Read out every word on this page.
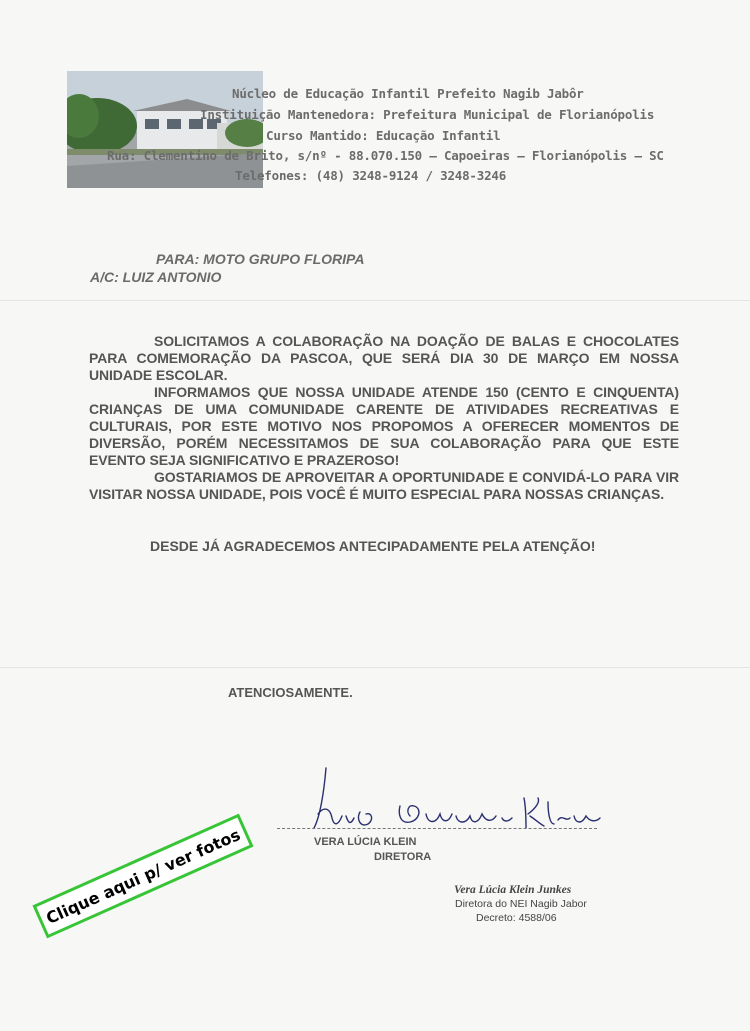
Núcleo de Educação Infantil Prefeito Nagib Jabôr
Instituição Mantenedora: Prefeitura Municipal de Florianópolis
Curso Mantido: Educação Infantil
Rua: Clementino de Brito, s/nº - 88.070.150 – Capoeiras – Florianópolis – SC
Telefones: (48) 3248-9124 / 3248-3246
PARA: MOTO GRUPO FLORIPA
A/C: LUIZ ANTONIO

SOLICITAMOS A COLABORAÇÃO NA DOAÇÃO DE BALAS E CHOCOLATES PARA COMEMORAÇÃO DA PASCOA, QUE SERÁ DIA 30 DE MARÇO EM NOSSA UNIDADE ESCOLAR.

INFORMAMOS QUE NOSSA UNIDADE ATENDE 150 (CENTO E CINQUENTA) CRIANÇAS DE UMA COMUNIDADE CARENTE DE ATIVIDADES RECREATIVAS E CULTURAIS, POR ESTE MOTIVO NOS PROPOMOS A OFERECER MOMENTOS DE DIVERSÃO, PORÉM NECESSITAMOS DE SUA COLABORAÇÃO PARA QUE ESTE EVENTO SEJA SIGNIFICATIVO E PRAZEROSO!

GOSTARIAMOS DE APROVEITAR A OPORTUNIDADE E CONVIDÁ-LO PARA VIR VISITAR NOSSA UNIDADE, POIS VOCÊ É MUITO ESPECIAL PARA NOSSAS CRIANÇAS.

DESDE JÁ AGRADECEMOS ANTECIPADAMENTE PELA ATENÇÃO!
ATENCIOSAMENTE.
VERA LÚCIA KLEIN
DIRETORA
Vera Lúcia Klein Junkes
Diretora do NEI Nagib Jabor
Decreto: 4588/06
Clique aqui p/ ver fotos
